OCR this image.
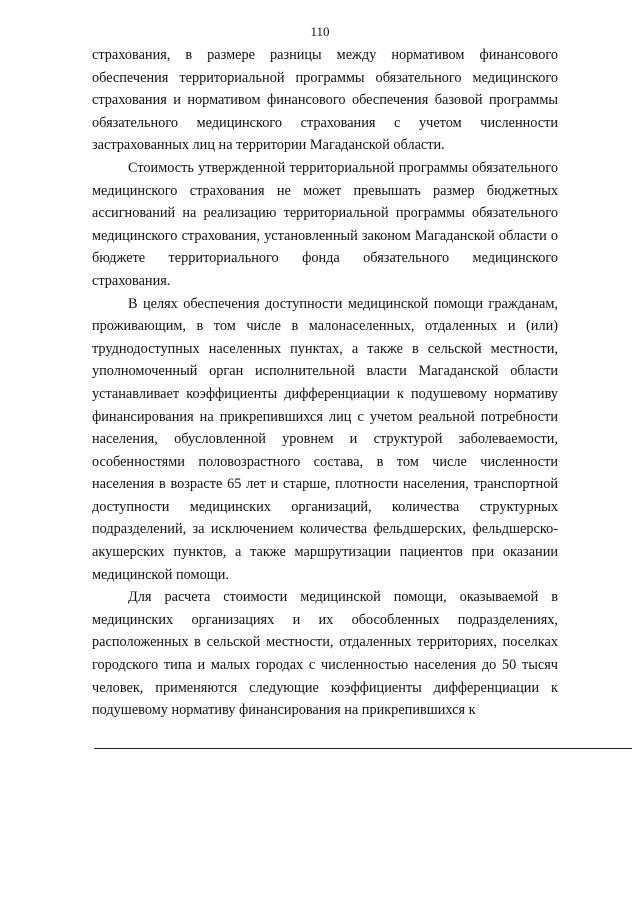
110

страхования, в размере разницы между нормативом финансового обеспечения территориальной программы обязательного медицинского страхования и нормативом финансового обеспечения базовой программы обязательного медицинского страхования с учетом численности застрахованных лиц на территории Магаданской области.

Стоимость утвержденной территориальной программы обязательного медицинского страхования не может превышать размер бюджетных ассигнований на реализацию территориальной программы обязательного медицинского страхования, установленный законом Магаданской области о бюджете территориального фонда обязательного медицинского страхования.

В целях обеспечения доступности медицинской помощи гражданам, проживающим, в том числе в малонаселенных, отдаленных и (или) труднодоступных населенных пунктах, а также в сельской местности, уполномоченный орган исполнительной власти Магаданской области устанавливает коэффициенты дифференциации к подушевому нормативу финансирования на прикрепившихся лиц с учетом реальной потребности населения, обусловленной уровнем и структурой заболеваемости, особенностями половозрастного состава, в том числе численности населения в возрасте 65 лет и старше, плотности населения, транспортной доступности медицинских организаций, количества структурных подразделений, за исключением количества фельдшерских, фельдшерско-акушерских пунктов, а также маршрутизации пациентов при оказании медицинской помощи.

Для расчета стоимости медицинской помощи, оказываемой в медицинских организациях и их обособленных подразделениях, расположенных в сельской местности, отдаленных территориях, поселках городского типа и малых городах с численностью населения до 50 тысяч человек, применяются следующие коэффициенты дифференциации к подушевому нормативу финансирования на прикрепившихся к
